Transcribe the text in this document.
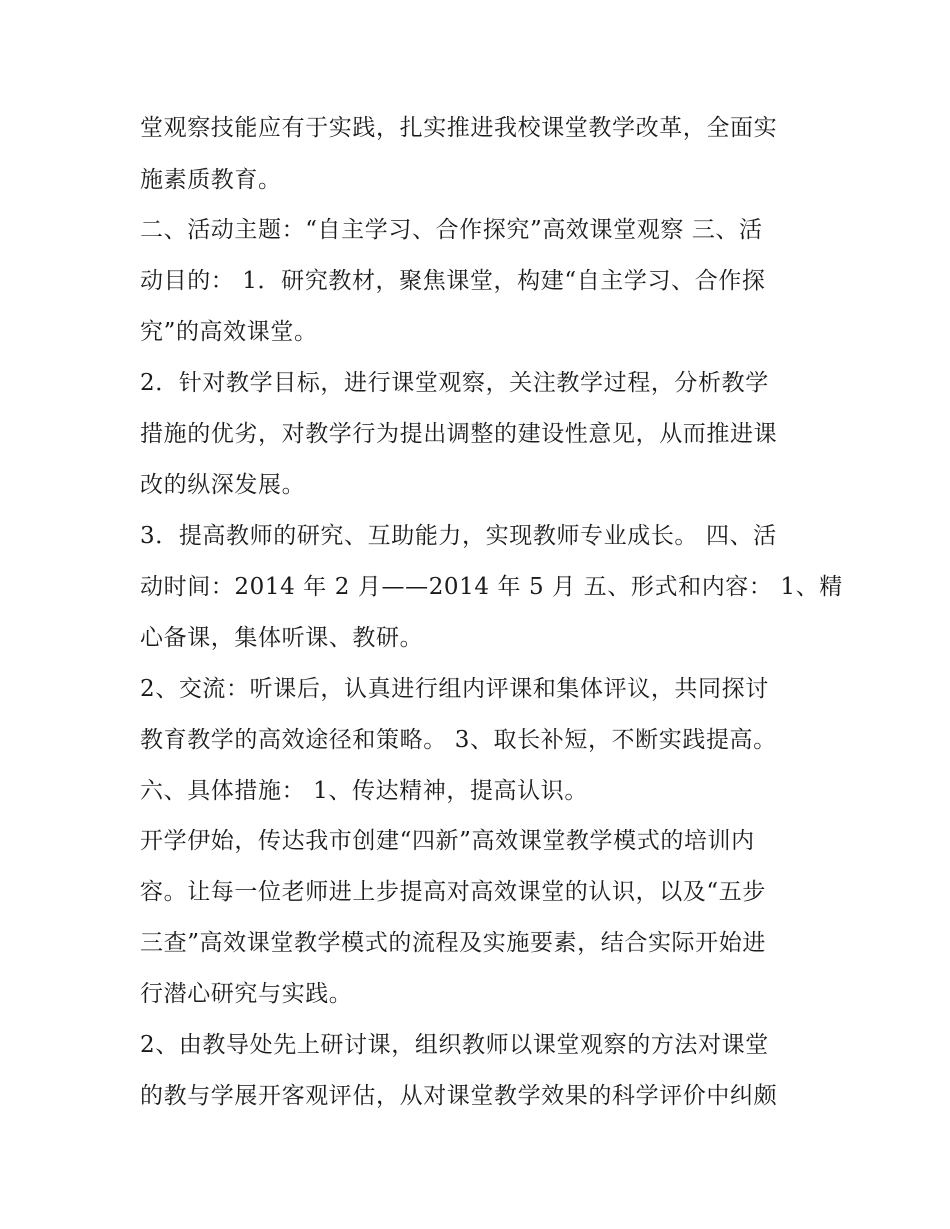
堂观察技能应有于实践，扎实推进我校课堂教学改革，全面实

施素质教育。

二、活动主题：“自主学习、合作探究”高效课堂观察 三、活

动目的： 1．研究教材，聚焦课堂，构建“自主学习、合作探

究”的高效课堂。

2．针对教学目标，进行课堂观察，关注教学过程，分析教学

措施的优劣，对教学行为提出调整的建设性意见，从而推进课

改的纵深发展。

3．提高教师的研究、互助能力，实现教师专业成长。 四、活

动时间：2014 年 2 月——2014 年 5 月 五、形式和内容： 1、精

心备课，集体听课、教研。

2、交流：听课后，认真进行组内评课和集体评议，共同探讨

教育教学的高效途径和策略。 3、取长补短，不断实践提高。

六、具体措施： 1、传达精神，提高认识。

开学伊始，传达我市创建“四新”高效课堂教学模式的培训内

容。让每一位老师进上步提高对高效课堂的认识，以及“五步

三查”高效课堂教学模式的流程及实施要素，结合实际开始进

行潜心研究与实践。

2、由教导处先上研讨课，组织教师以课堂观察的方法对课堂

的教与学展开客观评估，从对课堂教学效果的科学评价中纠颇
